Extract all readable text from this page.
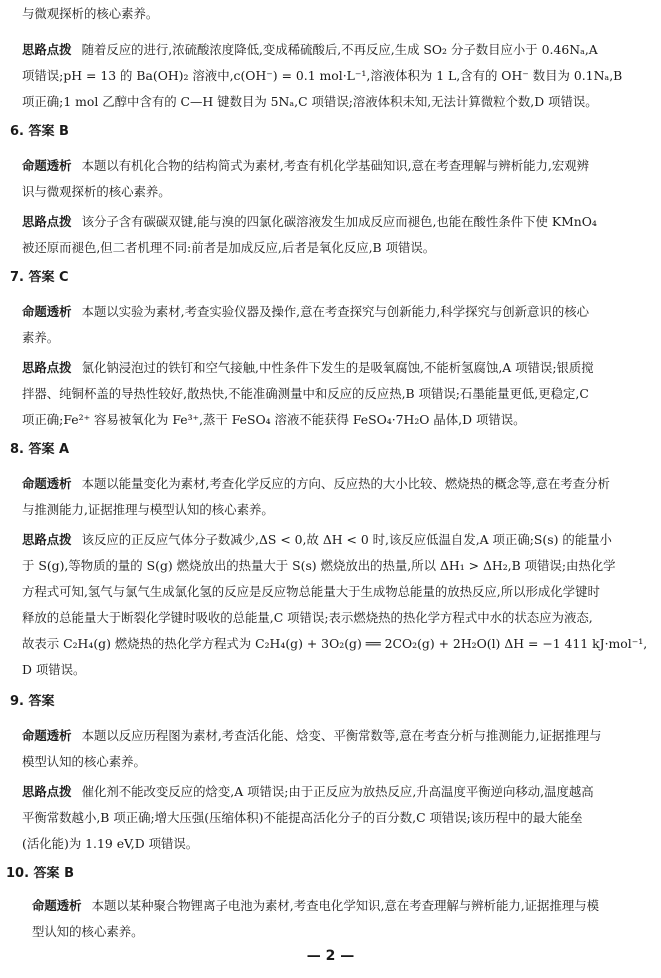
与微观探析的核心素养。
思路点拨 随着反应的进行,浓硫酸浓度降低,变成稀硫酸后,不再反应,生成 SO₂ 分子数目应小于 0.46Nₐ,A
项错误;pH = 13 的 Ba(OH)₂ 溶液中,c(OH⁻) = 0.1 mol·L⁻¹,溶液体积为 1 L,含有的 OH⁻ 数目为 0.1Nₐ,B
项正确;1 mol 乙醇中含有的 C—H 键数目为 5Nₐ,C 项错误;溶液体积未知,无法计算微粒个数,D 项错误。
6. 答案 B
命题透析 本题以有机化合物的结构简式为素材,考查有机化学基础知识,意在考查理解与辨析能力,宏观辨
识与微观探析的核心素养。
思路点拨 该分子含有碳碳双键,能与溴的四氯化碳溶液发生加成反应而褪色,也能在酸性条件下使 KMnO₄
被还原而褪色,但二者机理不同:前者是加成反应,后者是氧化反应,B 项错误。
7. 答案 C
命题透析 本题以实验为素材,考查实验仪器及操作,意在考查探究与创新能力,科学探究与创新意识的核心
素养。
思路点拨 氯化钠浸泡过的铁钉和空气接触,中性条件下发生的是吸氧腐蚀,不能析氢腐蚀,A 项错误;银质搅
拌器、纯铜杯盖的导热性较好,散热快,不能准确测量中和反应的反应热,B 项错误;石墨能量更低,更稳定,C
项正确;Fe²⁺ 容易被氧化为 Fe³⁺,蒸干 FeSO₄ 溶液不能获得 FeSO₄·7H₂O 晶体,D 项错误。
8. 答案 A
命题透析 本题以能量变化为素材,考查化学反应的方向、反应热的大小比较、燃烧热的概念等,意在考查分析
与推测能力,证据推理与模型认知的核心素养。
思路点拨 该反应的正反应气体分子数减少,ΔS < 0,故 ΔH < 0 时,该反应低温自发,A 项正确;S(s) 的能量小
于 S(g),等物质的量的 S(g) 燃烧放出的热量大于 S(s) 燃烧放出的热量,所以 ΔH₁ > ΔH₂,B 项错误;由热化学
方程式可知,氢气与氯气生成氯化氢的反应是反应物总能量大于生成物总能量的放热反应,所以形成化学键时
释放的总能量大于断裂化学键时吸收的总能量,C 项错误;表示燃烧热的热化学方程式中水的状态应为液态,
故表示 C₂H₄(g) 燃烧热的热化学方程式为 C₂H₄(g) + 3O₂(g) ══ 2CO₂(g) + 2H₂O(l) ΔH = −1 411 kJ·mol⁻¹,
D 项错误。
9. 答案
命题透析 本题以反应历程图为素材,考查活化能、焓变、平衡常数等,意在考查分析与推测能力,证据推理与
模型认知的核心素养。
思路点拨 催化剂不能改变反应的焓变,A 项错误;由于正反应为放热反应,升高温度平衡逆向移动,温度越高
平衡常数越小,B 项正确;增大压强(压缩体积)不能提高活化分子的百分数,C 项错误;该历程中的最大能垒
(活化能)为 1.19 eV,D 项错误。
10. 答案 B
命题透析 本题以某种聚合物锂离子电池为素材,考查电化学知识,意在考查理解与辨析能力,证据推理与模
型认知的核心素养。
— 2 —
